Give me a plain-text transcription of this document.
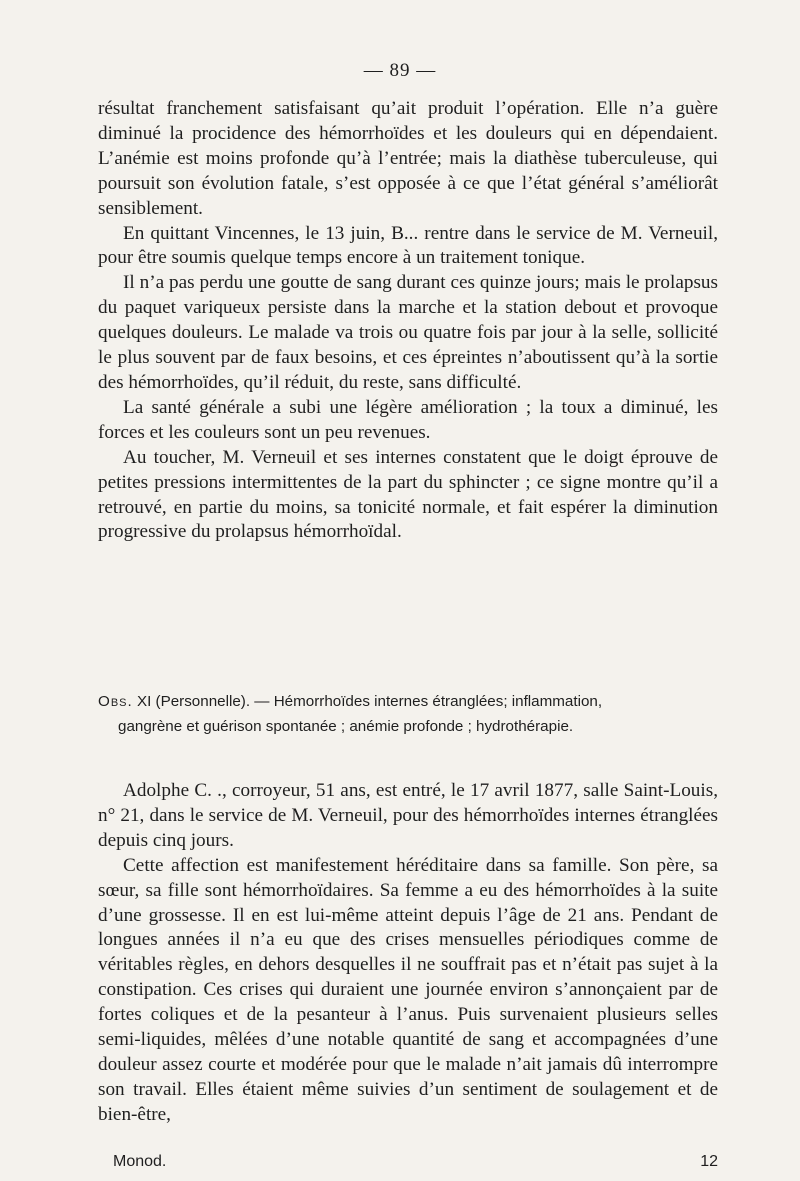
— 89 —

résultat franchement satisfaisant qu’ait produit l’opération. Elle n’a guère diminué la procidence des hémorrhoïdes et les douleurs qui en dépendaient. L’anémie est moins profonde qu’à l’entrée; mais la diathèse tuberculeuse, qui poursuit son évolution fatale, s’est opposée à ce que l’état général s’améliorât sensiblement.

En quittant Vincennes, le 13 juin, B... rentre dans le service de M. Verneuil, pour être soumis quelque temps encore à un traitement tonique.

Il n’a pas perdu une goutte de sang durant ces quinze jours; mais le prolapsus du paquet variqueux persiste dans la marche et la station debout et provoque quelques douleurs. Le malade va trois ou quatre fois par jour à la selle, sollicité le plus souvent par de faux besoins, et ces épreintes n’aboutissent qu’à la sortie des hémorrhoïdes, qu’il réduit, du reste, sans difficulté.

La santé générale a subi une légère amélioration ; la toux a diminué, les forces et les couleurs sont un peu revenues.

Au toucher, M. Verneuil et ses internes constatent que le doigt éprouve de petites pressions intermittentes de la part du sphincter ; ce signe montre qu’il a retrouvé, en partie du moins, sa tonicité normale, et fait espérer la diminution progressive du prolapsus hémorrhoïdal.

Obs. XI (Personnelle). — Hémorrhoïdes internes étranglées; inflammation,
gangrène et guérison spontanée ; anémie profonde ; hydrothérapie.

Adolphe C. ., corroyeur, 51 ans, est entré, le 17 avril 1877, salle Saint-Louis, n° 21, dans le service de M. Verneuil, pour des hémorrhoïdes internes étranglées depuis cinq jours.

Cette affection est manifestement héréditaire dans sa famille. Son père, sa sœur, sa fille sont hémorrhoïdaires. Sa femme a eu des hémorrhoïdes à la suite d’une grossesse. Il en est lui-même atteint depuis l’âge de 21 ans. Pendant de longues années il n’a eu que des crises mensuelles périodiques comme de véritables règles, en dehors desquelles il ne souffrait pas et n’était pas sujet à la constipation. Ces crises qui duraient une journée environ s’annonçaient par de fortes coliques et de la pesanteur à l’anus. Puis survenaient plusieurs selles semi-liquides, mêlées d’une notable quantité de sang et accompagnées d’une douleur assez courte et modérée pour que le malade n’ait jamais dû interrompre son travail. Elles étaient même suivies d’un sentiment de soulagement et de bien-être,

Monod.	12
